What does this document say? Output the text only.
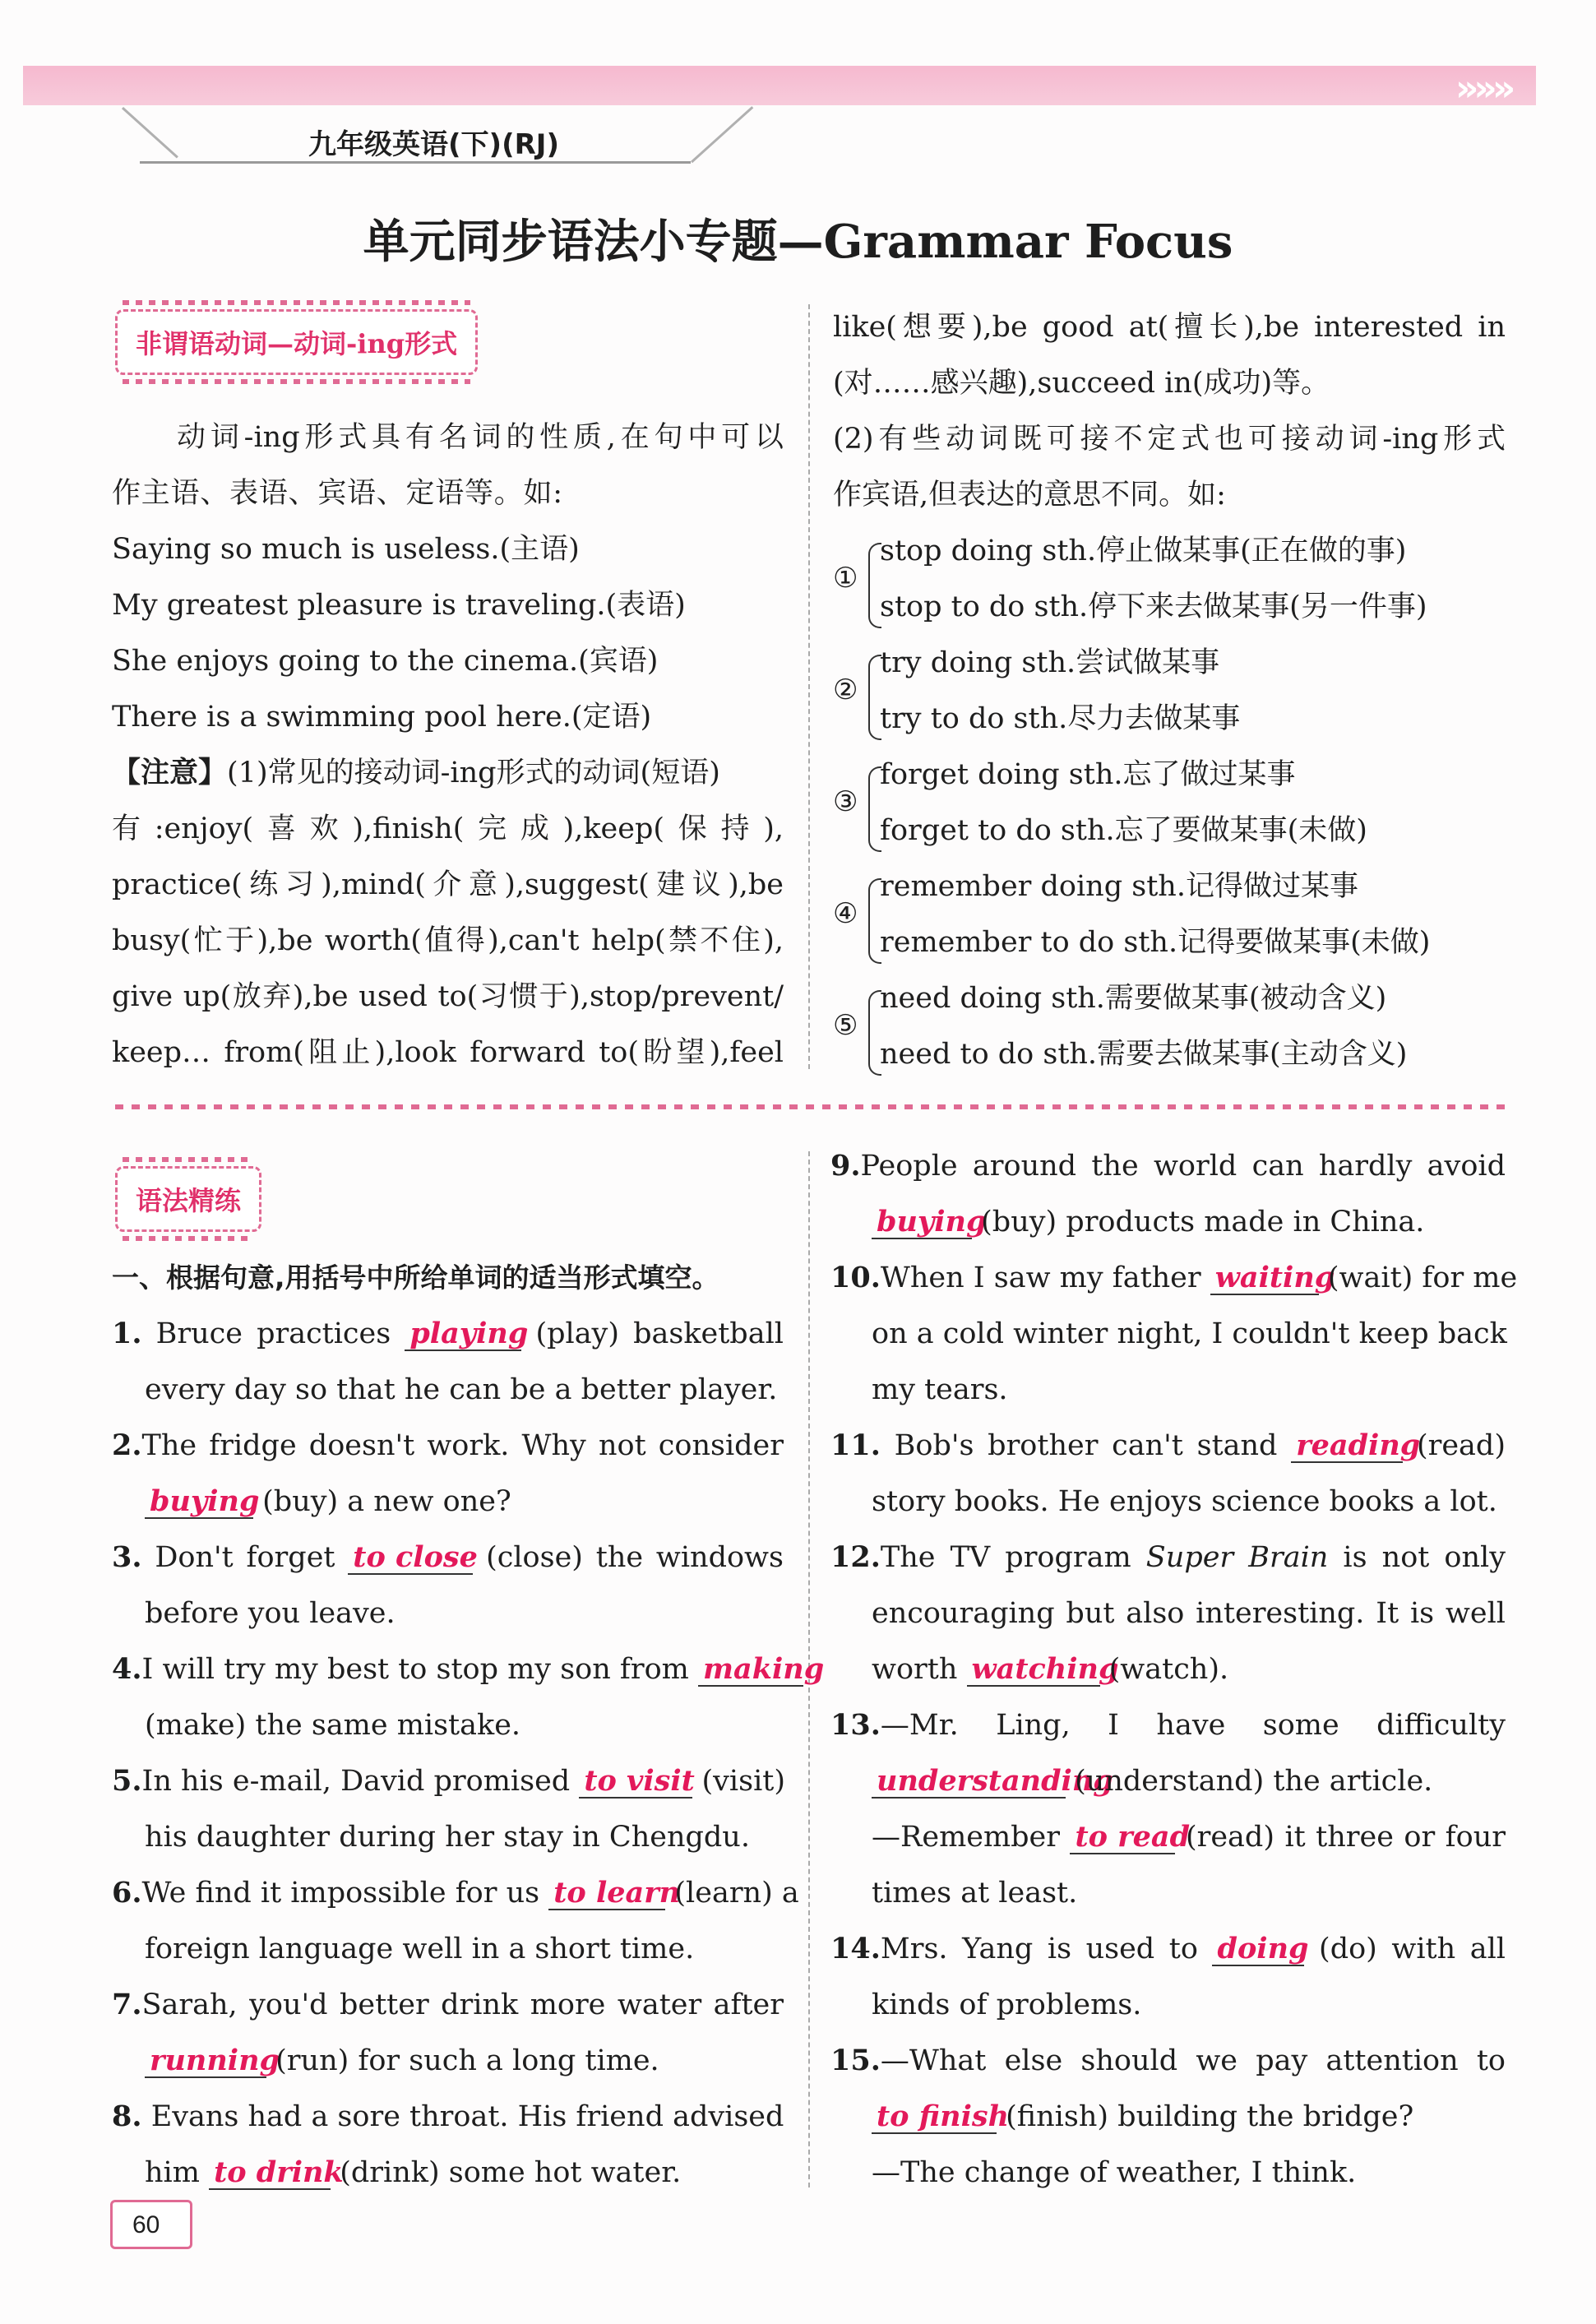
»»»
九年级英语(下)(RJ)
单元同步语法小专题—Grammar Focus
非谓语动词—动词-ing形式
动词-ing形式具有名词的性质,在句中可以
作主语、表语、宾语、定语等。如:
Saying so much is useless.(主语)
My greatest pleasure is traveling.(表语)
She enjoys going to the cinema.(宾语)
There is a swimming pool here.(定语)
【注意】(1)常见的接动词-ing形式的动词(短语)
有:enjoy(喜欢),finish(完成),keep(保持),
practice(练习),mind(介意),suggest(建议),be
busy(忙于),be worth(值得),can't help(禁不住),
give up(放弃),be used to(习惯于),stop/prevent/
keep… from(阻止),look forward to(盼望),feel
like(想要),be good at(擅长),be interested in
(对……感兴趣),succeed in(成功)等。
(2)有些动词既可接不定式也可接动词-ing形式
作宾语,但表达的意思不同。如:
①
stop doing sth.停止做某事(正在做的事)
stop to do sth.停下来去做某事(另一件事)
②
try doing sth.尝试做某事
try to do sth.尽力去做某事
③
forget doing sth.忘了做过某事
forget to do sth.忘了要做某事(未做)
④
remember doing sth.记得做过某事
remember to do sth.记得要做某事(未做)
⑤
need doing sth.需要做某事(被动含义)
need to do sth.需要去做某事(主动含义)
语法精练
一、根据句意,用括号中所给单词的适当形式填空。
1. Bruce practices playing (play) basketball
every day so that he can be a better player.
2.The fridge doesn't work. Why not consider
buying (buy) a new one?
3. Don't forget to close (close) the windows
before you leave.
4.I will try my best to stop my son from making
(make) the same mistake.
5.In his e-mail, David promised to visit (visit)
his daughter during her stay in Chengdu.
6.We find it impossible for us to learn (learn) a
foreign language well in a short time.
7.Sarah, you'd better drink more water after
running (run) for such a long time.
8. Evans had a sore throat. His friend advised
him to drink (drink) some hot water.
9.People around the world can hardly avoid
buying (buy) products made in China.
10.When I saw my father waiting (wait) for me
on a cold winter night, I couldn't keep back
my tears.
11. Bob's brother can't stand reading (read)
story books. He enjoys science books a lot.
12.The TV program Super Brain is not only
encouraging but also interesting. It is well
worth watching (watch).
13.—Mr. Ling, I have some difficulty
understanding (understand) the article.
—Remember to read (read) it three or four
times at least.
14.Mrs. Yang is used to doing (do) with all
kinds of problems.
15.—What else should we pay attention to
to finish (finish) building the bridge?
—The change of weather, I think.
60
